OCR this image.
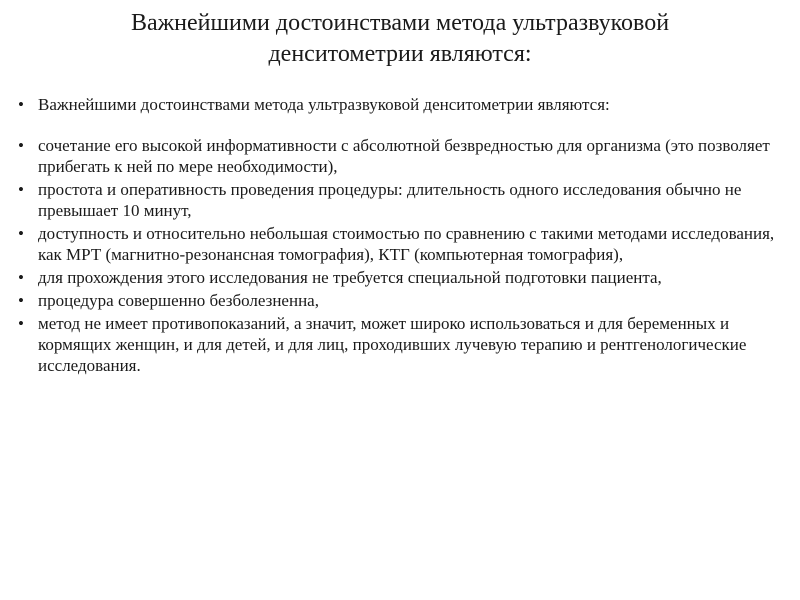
Важнейшими достоинствами метода ультразвуковой
денситометрии являются:
• Важнейшими достоинствами метода ультразвуковой денситометрии являются:
• сочетание его высокой информативности с абсолютной безвредностью для организма (это позволяет прибегать к ней по мере необходимости),
• простота и оперативность проведения процедуры: длительность одного исследования обычно не превышает 10 минут,
• доступность и относительно небольшая стоимостью по сравнению с такими методами исследования, как МРТ (магнитно-резонансная томография), КТГ (компьютерная томография),
• для прохождения этого исследования не требуется специальной подготовки пациента,
• процедура совершенно безболезненна,
• метод не имеет противопоказаний, а значит, может широко использоваться и для беременных и кормящих женщин, и для детей, и для лиц, проходивших лучевую терапию и рентгенологические исследования.
